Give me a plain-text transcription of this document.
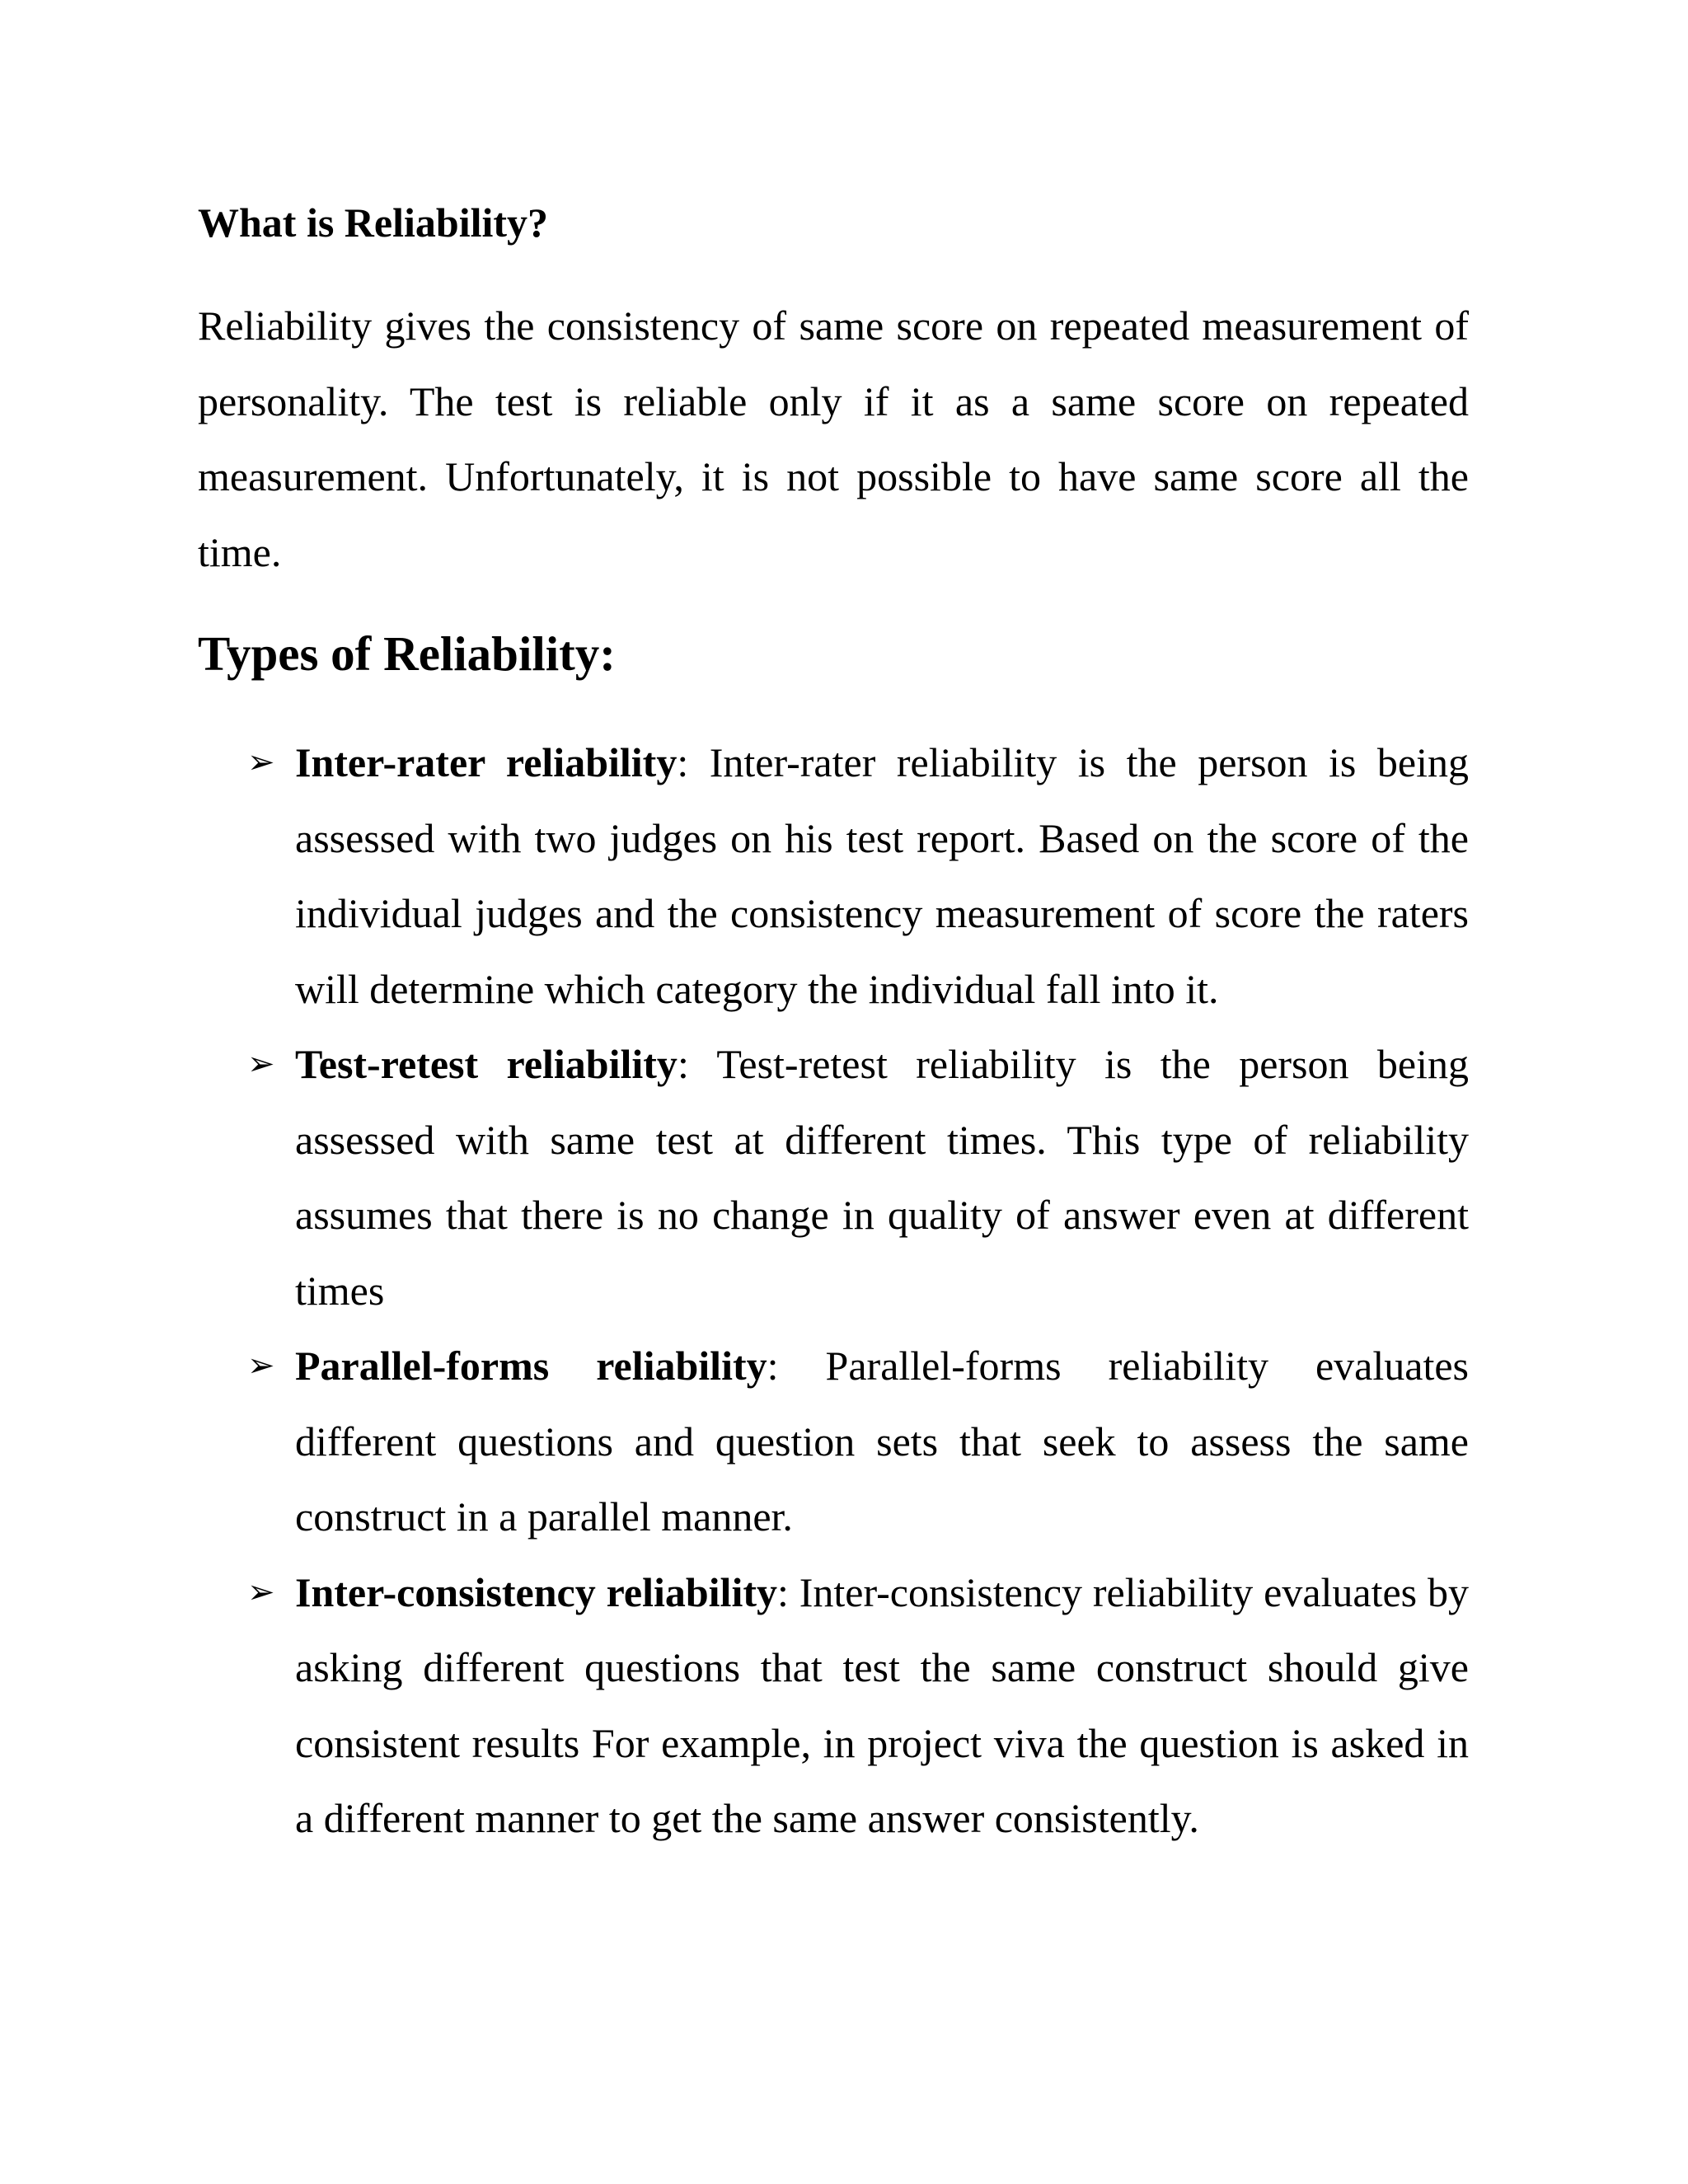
What is Reliability?

Reliability gives the consistency of same score on repeated measurement of personality. The test is reliable only if it as a same score on repeated measurement. Unfortunately, it is not possible to have same score all the time.

Types of Reliability:
➢ Inter-rater reliability: Inter-rater reliability is the person is being assessed with two judges on his test report. Based on the score of the individual judges and the consistency measurement of score the raters will determine which category the individual fall into it.
➢ Test-retest reliability: Test-retest reliability is the person being assessed with same test at different times. This type of reliability assumes that there is no change in quality of answer even at different times
➢ Parallel-forms reliability: Parallel-forms reliability evaluates different questions and question sets that seek to assess the same construct in a parallel manner.
➢ Inter-consistency reliability: Inter-consistency reliability evaluates by asking different questions that test the same construct should give consistent results For example, in project viva the question is asked in a different manner to get the same answer consistently.
